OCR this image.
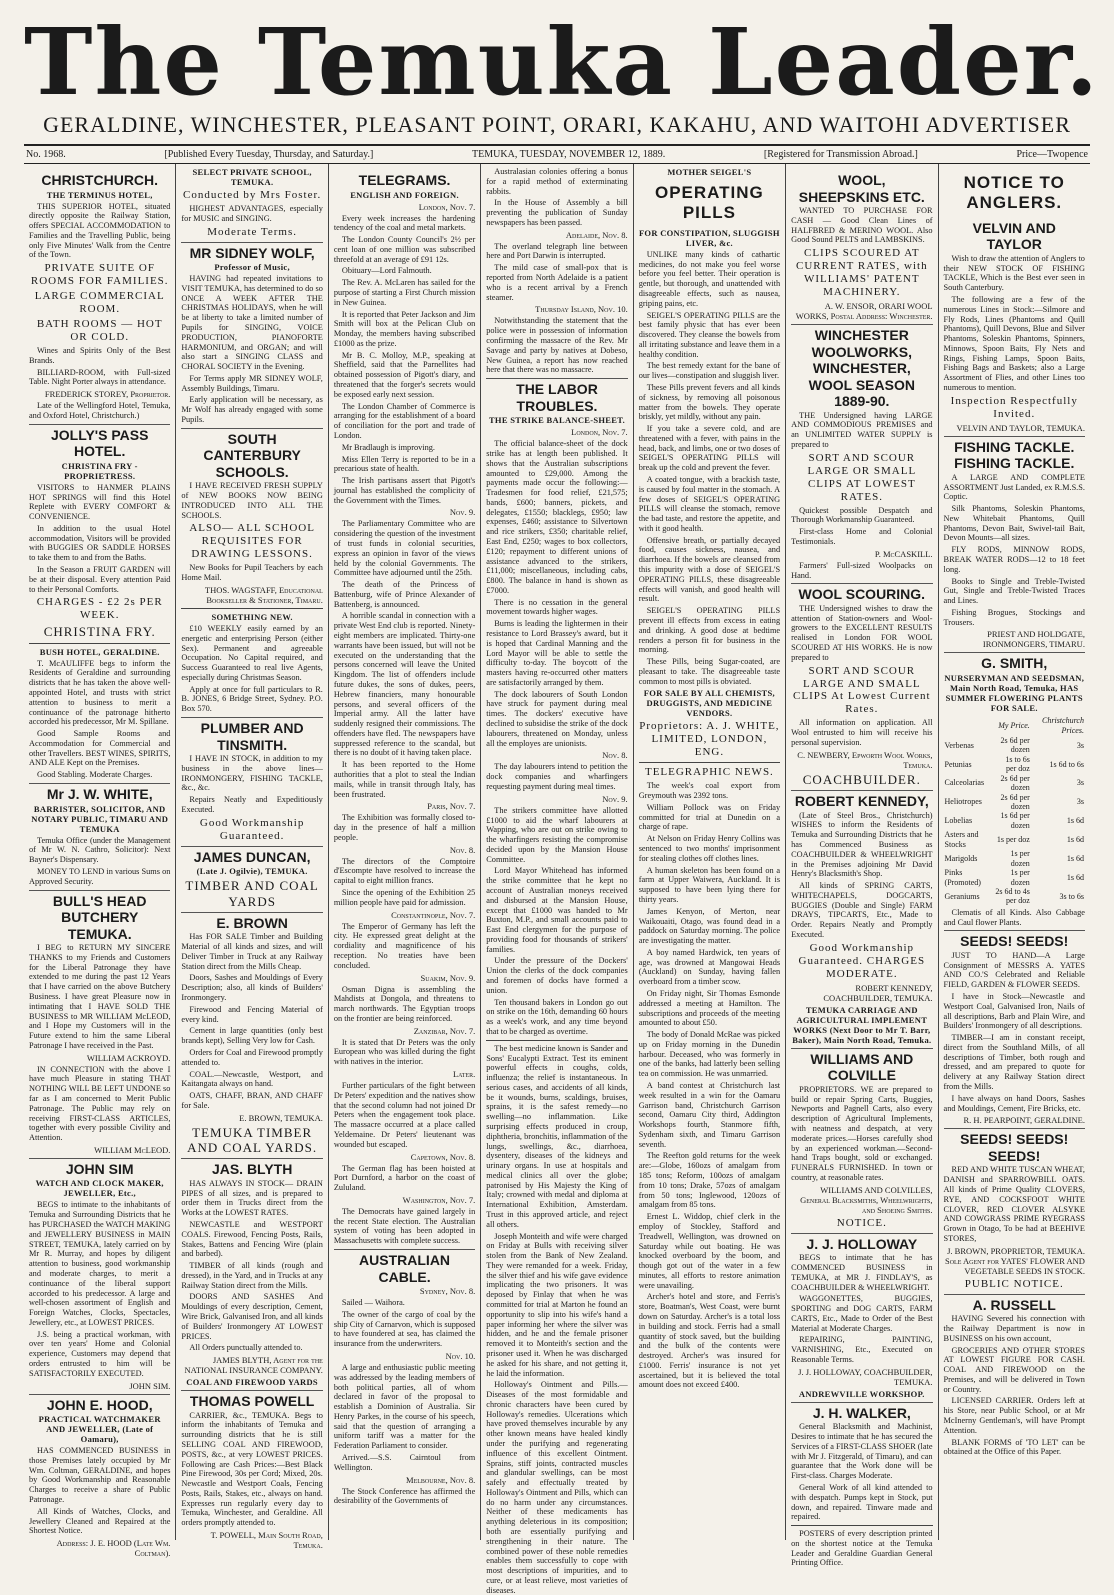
The Temuka Leader.
GERALDINE, WINCHESTER, PLEASANT POINT, ORARI, KAKAHU, AND WAITOHI ADVERTISER
No. 1968.	[Published Every Tuesday, Thursday, and Saturday.]	TEMUKA, TUESDAY, NOVEMBER 12, 1889.	[Registered for Transmission Abroad.]	Price—Twopence
CHRISTCHURCH.
THE TERMINUS HOTEL,

THIS SUPERIOR HOTEL, situated directly opposite the Railway Station, offers SPECIAL ACCOMMODATION to Families and the Travelling Public, being only Five Minutes' Walk from the Centre of the Town.

PRIVATE SUITE OF ROOMS FOR FAMILIES.
LARGE COMMERCIAL ROOM.
BATH ROOMS — HOT OR COLD.

Wines and Spirits Only of the Best Brands.

BILLIARD-ROOM, with Full-sized Table. Night Porter always in attendance.

FREDERICK STOREY, Proprietor.

Late of the Wellingford Hotel, Temuka, and Oxford Hotel, Christchurch.)

JOLLY'S PASS HOTEL.
CHRISTINA FRY - PROPRIETRESS.

VISITORS to HANMER PLAINS HOT SPRINGS will find this Hotel Replete with EVERY COMFORT & CONVENIENCE.

In addition to the usual Hotel accommodation, Visitors will be provided with BUGGIES OR SADDLE HORSES to take them to and from the Baths.

In the Season a FRUIT GARDEN will be at their disposal. Every attention Paid to their Personal Comforts.

CHARGES - £2 2s PER WEEK.
CHRISTINA FRY.
BUSH HOTEL, GERALDINE.

T. McAULIFFE begs to inform the Residents of Geraldine and surrounding districts that he has taken the above well-appointed Hotel, and trusts with strict attention to business to merit a continuance of the patronage hitherto accorded his predecessor, Mr M. Spillane.

Good Sample Rooms and Accommodation for Commercial and other Travellers. BEST WINES, SPIRITS, AND ALE Kept on the Premises.

Good Stabling. Moderate Charges.

Mr J. W. WHITE,
BARRISTER, SOLICITOR, AND NOTARY PUBLIC, TIMARU AND TEMUKA

Temuka Office (under the Management of Mr W. N. Cathro, Solicitor): Next Bayner's Dispensary.

MONEY TO LEND in various Sums on Approved Security.

BULL'S HEAD BUTCHERY TEMUKA.

I BEG to RETURN MY SINCERE THANKS to my Friends and Customers for the Liberal Patronage they have extended to me during the past 12 Years that I have carried on the above Butchery Business. I have great Pleasure now in intimating that I HAVE SOLD THE BUSINESS to MR WILLIAM McLEOD, and I Hope my Customers will in the Future extend to him the same Liberal Patronage I have received in the Past.

WILLIAM ACKROYD.

IN CONNECTION with the above I have much Pleasure in stating THAT NOTHING WILL BE LEFT UNDONE so far as I am concerned to Merit Public Patronage. The Public may rely on receiving FIRST-CLASS ARTICLES, together with every possible Civility and Attention.

WILLIAM McLEOD.
JOHN SIM
WATCH AND CLOCK MAKER, JEWELLER, Etc.,

BEGS to intimate to the inhabitants of Temuka and Surrounding Districts that he has PURCHASED the WATCH MAKING and JEWELLERY BUSINESS in MAIN STREET, TEMUKA, lately carried on by Mr R. Murray, and hopes by diligent attention to business, good workmanship and moderate charges, to merit a continuance of the liberal support accorded to his predecessor. A large and well-chosen assortment of English and Foreign Watches, Clocks, Spectacles, Jewellery, etc., at LOWEST PRICES.

J.S. being a practical workman, with over ten years' Home and Colonial experience, Customers may depend that orders entrusted to him will be SATISFACTORILY EXECUTED.

JOHN SIM.
JOHN E. HOOD,
PRACTICAL WATCHMAKER AND JEWELLER, (Late of Oamaru),

HAS COMMENCED BUSINESS in those Premises lately occupied by Mr Wm. Coltman, GERALDINE, and hopes by Good Workmanship and Reasonable Charges to receive a share of Public Patronage.

All Kinds of Watches, Clocks, and Jewellery Cleaned and Repaired at the Shortest Notice.

Address: J. E. HOOD (Late Wm. Coltman).
SELECT PRIVATE SCHOOL, TEMUKA.
Conducted by Mrs Foster.

HIGHEST ADVANTAGES, especially for MUSIC and SINGING.

Moderate Terms.
MR SIDNEY WOLF,
Professor of Music,

HAVING had repeated invitations to VISIT TEMUKA, has determined to do so ONCE A WEEK AFTER THE CHRISTMAS HOLIDAYS, when he will be at liberty to take a limited number of Pupils for SINGING, VOICE PRODUCTION, PIANOFORTE HARMONIUM, and ORGAN; and will also start a SINGING CLASS and CHORAL SOCIETY in the Evening.

For Terms apply MR SIDNEY WOLF, Assembly Buildings, Timaru.

Early application will be necessary, as Mr Wolf has already engaged with some Pupils.

SOUTH CANTERBURY SCHOOLS.

I HAVE RECEIVED FRESH SUPPLY of NEW BOOKS NOW BEING INTRODUCED INTO ALL THE SCHOOLS.

ALSO— ALL SCHOOL REQUISITES FOR DRAWING LESSONS.

New Books for Pupil Teachers by each Home Mail.

THOS. WAGSTAFF, Educational Bookseller & Stationer, Timaru.
SOMETHING NEW.

£10 WEEKLY easily earned by an energetic and enterprising Person (either Sex). Permanent and agreeable Occupation. No Capital required, and Success Guaranteed to real live Agents, especially during Christmas Season.

Apply at once for full particulars to R. B. JONES, 6 Bridge Street, Sydney. P.O. Box 570.

PLUMBER AND TINSMITH.

I HAVE IN STOCK, in addition to my business in the above lines— IRONMONGERY, FISHING TACKLE, &c., &c.

Repairs Neatly and Expeditiously Executed.

Good Workmanship Guaranteed.
JAMES DUNCAN,
(Late J. Ogilvie), TEMUKA.
TIMBER AND COAL YARDS
E. BROWN

Has FOR SALE Timber and Building Material of all kinds and sizes, and will Deliver Timber in Truck at any Railway Station direct from the Mills Cheap.

Doors, Sashes and Mouldings of Every Description; also, all kinds of Builders' Ironmongery.

Firewood and Fencing Material of every kind.

Cement in large quantities (only best brands kept), Selling Very low for Cash.

Orders for Coal and Firewood promptly attended to.

COAL.—Newcastle, Westport, and Kaitangata always on hand.

OATS, CHAFF, BRAN, AND CHAFF for Sale.

E. BROWN, TEMUKA.
TEMUKA TIMBER AND COAL YARDS.
JAS. BLYTH

HAS ALWAYS IN STOCK— DRAIN PIPES of all sizes, and is prepared to order them in Trucks direct from the Works at the LOWEST RATES.

NEWCASTLE and WESTPORT COALS. Firewood, Fencing Posts, Rails, Stakes, Battens and Fencing Wire (plain and barbed).

TIMBER of all kinds (rough and dressed), in the Yard, and in Trucks at any Railway Station direct from the Mills.

DOORS AND SASHES And Mouldings of every description, Cement, Wire Brick, Galvanised Iron, and all kinds of Builders' Ironmongery AT LOWEST PRICES.

All Orders punctually attended to.

JAMES BLYTH, Agent for the NATIONAL INSURANCE COMPANY.
COAL AND FIREWOOD YARDS
THOMAS POWELL

CARRIER, &c., TEMUKA. Begs to inform the inhabitants of Temuka and surrounding districts that he is still SELLING COAL AND FIREWOOD, POSTS, &c., at very LOWEST PRICES. Following are Cash Prices:—Best Black Pine Firewood, 30s per Cord; Mixed, 20s. Newcastle and Westport Coals, Fencing Posts, Rails, Stakes, etc., always on hand. Expresses run regularly every day to Temuka, Winchester, and Geraldine. All orders promptly attended to.

T. POWELL, Main South Road, Temuka.
TELEGRAMS.
ENGLISH AND FOREIGN.
London, Nov. 7.

Every week increases the hardening tendency of the coal and metal markets.

The London County Council's 2½ per cent loan of one million was subscribed threefold at an average of £91 12s.

Obituary—Lord Falmouth.

The Rev. A. McLaren has sailed for the purpose of starting a First Church mission in New Guinea.

It is reported that Peter Jackson and Jim Smith will box at the Pelican Club on Monday, the members having subscribed £1000 as the prize.

Mr B. C. Molloy, M.P., speaking at Sheffield, said that the Parnellites had obtained possession of Pigott's diary, and threatened that the forger's secrets would be exposed early next session.

The London Chamber of Commerce is arranging for the establishment of a board of conciliation for the port and trade of London.

Mr Bradlaugh is improving.

Miss Ellen Terry is reported to be in a precarious state of health.

The Irish partisans assert that Pigott's journal has established the complicity of the Government with the Times.

Nov. 9.

The Parliamentary Committee who are considering the question of the investment of trust funds in colonial securities, express an opinion in favor of the views held by the colonial Governments. The Committee have adjourned until the 25th.

The death of the Princess of Battenburg, wife of Prince Alexander of Battenberg, is announced.

A horrible scandal in connection with a private West End club is reported. Ninety-eight members are implicated. Thirty-one warrants have been issued, but will not be executed on the understanding that the persons concerned will leave the United Kingdom. The list of offenders include future dukes, the sons of dukes, peers, Hebrew financiers, many honourable persons, and several officers of the Imperial army. All the latter have suddenly resigned their commissions. The offenders have fled. The newspapers have suppressed reference to the scandal, but there is no doubt of it having taken place.

It has been reported to the Home authorities that a plot to steal the Indian mails, while in transit through Italy, has been frustrated.

Paris, Nov. 7.

The Exhibition was formally closed to-day in the presence of half a million people.

Nov. 8.

The directors of the Comptoire d'Escompte have resolved to increase the capital to eight million francs.

Since the opening of the Exhibition 25 million people have paid for admission.

Constantinople, Nov. 7.

The Emperor of Germany has left the city. He expressed great delight at the cordiality and magnificence of his reception. No treaties have been concluded.

Suakim, Nov. 9.

Osman Digna is assembling the Mahdists at Dongola, and threatens to march northwards. The Egyptian troops on the frontier are being reinforced.

Zanzibar, Nov. 7.

It is stated that Dr Peters was the only European who was killed during the fight with natives in the interior.

Later.

Further particulars of the fight between Dr Peters' expedition and the natives show that the second column had not joined Dr Peters when the engagement took place. The massacre occurred at a place called Yeldemaine. Dr Peters' lieutenant was wounded but escaped.

Capetown, Nov. 8.

The German flag has been hoisted at Port Durnford, a harbor on the coast of Zululand.

Washington, Nov. 7.

The Democrats have gained largely in the recent State election. The Australian system of voting has been adopted in Massachusetts with complete success.

AUSTRALIAN CABLE.
Sydney, Nov. 8.

Sailed — Waihora.

The owner of the cargo of coal by the ship City of Carnarvon, which is supposed to have foundered at sea, has claimed the insurance from the underwriters.

Nov. 10.

A large and enthusiastic public meeting was addressed by the leading members of both political parties, all of whom declared in favor of the proposal to establish a Dominion of Australia. Sir Henry Parkes, in the course of his speech, said that the question of arranging a uniform tariff was a matter for the Federation Parliament to consider.

Arrived.—S.S. Cairntoul from Wellington.

Melbourne, Nov. 8.

The Stock Conference has affirmed the desirability of the Governments of

Australasian colonies offering a bonus for a rapid method of exterminating rabbits.

In the House of Assembly a bill preventing the publication of Sunday newspapers has been passed.

Adelaide, Nov. 8.

The overland telegraph line between here and Port Darwin is interrupted.

The mild case of small-pox that is reported from North Adelaide is a patient who is a recent arrival by a French steamer.

Thursday Island, Nov. 10.

Notwithstanding the statement that the police were in possession of information confirming the massacre of the Rev. Mr Savage and party by natives at Dobeso, New Guinea, a report has now reached here that there was no massacre.

THE LABOR TROUBLES.
THE STRIKE BALANCE-SHEET.
London, Nov. 7.

The official balance-sheet of the dock strike has at length been published. It shows that the Australian subscriptions amounted to £29,000. Among the payments made occur the following:—Tradesmen for food relief, £21,575; bands, £600; banners, pickets, and delegates, £1550; blacklegs, £950; law expenses, £460; assistance to Silvertown and rice strikers, £350; charitable relief, East End, £250; wages to box collectors, £120; repayment to different unions of assistance advanced to the strikers, £11,000; miscellaneous, including cabs, £800. The balance in hand is shown as £7000.

There is no cessation in the general movement towards higher wages.

Burns is leading the lightermen in their resistance to Lord Brassey's award, but it is hoped that Cardinal Manning and the Lord Mayor will be able to settle the difficulty to-day. The boycott of the masters having re-occurred other matters are satisfactorily arranged by them.

The dock labourers of South London have struck for payment during meal times. The dockers' executive have declined to subsidise the strike of the dock labourers, threatened on Monday, unless all the employes are unionists.

Nov. 8.

The day labourers intend to petition the dock companies and wharfingers requesting payment during meal times.

Nov. 9.

The strikers committee have allotted £1000 to aid the wharf labourers at Wapping, who are out on strike owing to the wharfingers resisting the compromise decided upon by the Mansion House Committee.

Lord Mayor Whitehead has informed the strike committee that he kept no account of Australian moneys received and disbursed at the Mansion House, except that £1000 was handed to Mr Buxton, M.P., and small accounts paid to East End clergymen for the purpose of providing food for thousands of strikers' families.

Under the pressure of the Dockers' Union the clerks of the dock companies and foremen of docks have formed a union.

Ten thousand bakers in London go out on strike on the 16th, demanding 60 hours as a week's work, and any time beyond that to be charged as overtime.

The best medicine known is Sander and Sons' Eucalypti Extract. Test its eminent powerful effects in coughs, colds, influenza; the relief is instantaneous. In serious cases, and accidents of all kinds, be it wounds, burns, scaldings, bruises, sprains, it is the safest remedy—no swelling—no inflammation. Like surprising effects produced in croup, diphtheria, bronchitis, inflammation of the lungs, swellings, &c., diarrhoea, dysentery, diseases of the kidneys and urinary organs. In use at hospitals and medical clinics all over the globe; patronised by His Majesty the King of Italy; crowned with medal and diploma at International Exhibition, Amsterdam. Trust in this approved article, and reject all others.

Joseph Monteith and wife were charged on Friday at Bulls with receiving silver stolen from the Bank of New Zealand. They were remanded for a week. Friday, the silver thief and his wife gave evidence implicating the two prisoners. It was deposed by Finlay that when he was committed for trial at Marton he found an opportunity to slip into his wife's hand a paper informing her where the silver was hidden, and he and the female prisoner removed it to Monteith's section and the prisoner used it. When he was discharged he asked for his share, and not getting it, he laid the information.

Holloway's Ointment and Pills.—Diseases of the most formidable and chronic characters have been cured by Holloway's remedies. Ulcerations which have proved themselves incurable by any other known means have healed kindly under the purifying and regenerating influence of this excellent Ointment. Sprains, stiff joints, contracted muscles and glandular swellings, can be most safely and effectually treated by Holloway's Ointment and Pills, which can do no harm under any circumstances. Neither of these medicaments has anything deleterious in its composition; both are essentially purifying and strengthening in their nature. The combined power of these noble remedies enables them successfully to cope with most descriptions of impurities, and to cure, or at least relieve, most varieties of diseases.

MOTHER SEIGEL'S
OPERATING PILLS
FOR CONSTIPATION, SLUGGISH LIVER, &c.

UNLIKE many kinds of cathartic medicines, do not make you feel worse before you feel better. Their operation is gentle, but thorough, and unattended with disagreeable effects, such as nausea, griping pains, etc.

SEIGEL'S OPERATING PILLS are the best family physic that has ever been discovered. They cleanse the bowels from all irritating substance and leave them in a healthy condition.

The best remedy extant for the bane of our lives—constipation and sluggish liver.

These Pills prevent fevers and all kinds of sickness, by removing all poisonous matter from the bowels. They operate briskly, yet mildly, without any pain.

If you take a severe cold, and are threatened with a fever, with pains in the head, back, and limbs, one or two doses of SEIGEL'S OPERATING PILLS will break up the cold and prevent the fever.

A coated tongue, with a brackish taste, is caused by foul matter in the stomach. A few doses of SEIGEL'S OPERATING PILLS will cleanse the stomach, remove the bad taste, and restore the appetite, and with it good health.

Offensive breath, or partially decayed food, causes sickness, nausea, and diarrhoea. If the bowels are cleansed from this impurity with a dose of SEIGEL'S OPERATING PILLS, these disagreeable effects will vanish, and good health will result.

SEIGEL'S OPERATING PILLS prevent ill effects from excess in eating and drinking. A good dose at bedtime renders a person fit for business in the morning.

These Pills, being Sugar-coated, are pleasant to take. The disagreeable taste common to most pills is obviated.

FOR SALE BY ALL CHEMISTS, DRUGGISTS, AND MEDICINE VENDORS.
Proprietors: A. J. WHITE, LIMITED, LONDON, ENG.
TELEGRAPHIC NEWS.

The week's coal export from Greymouth was 2392 tons.

William Pollock was on Friday committed for trial at Dunedin on a charge of rape.

At Nelson on Friday Henry Collins was sentenced to two months' imprisonment for stealing clothes off clothes lines.

A human skeleton has been found on a farm at Upper Waiwera, Auckland. It is supposed to have been lying there for thirty years.

James Kenyon, of Merton, near Waikouaiti, Otago, was found dead in a paddock on Saturday morning. The police are investigating the matter.

A boy named Hardwick, ten years of age, was drowned at Mangowai Heads (Auckland) on Sunday, having fallen overboard from a timber scow.

On Friday night, Sir Thomas Esmonde addressed a meeting at Hamilton. The subscriptions and proceeds of the meeting amounted to about £50.

The body of Donald McRae was picked up on Friday morning in the Dunedin harbour. Deceased, who was formerly in one of the banks, had latterly been selling tea on commission. He was unmarried.

A band contest at Christchurch last week resulted in a win for the Oamaru Garrison band, Christchurch Garrison second, Oamaru City third, Addington Workshops fourth, Stanmore fifth, Sydenham sixth, and Timaru Garrison seventh.

The Reefton gold returns for the week are:—Globe, 160ozs of amalgam from 185 tons; Reform, 100ozs of amalgam from 10 tons; Drake, 57ozs of amalgam from 50 tons; Inglewood, 120ozs of amalgam from 85 tons.

Ernest L. Widdop, chief clerk in the employ of Stockley, Stafford and Treadwell, Wellington, was drowned on Saturday while out boating. He was knocked overboard by the boom, and though got out of the water in a few minutes, all efforts to restore animation were unavailing.

Archer's hotel and store, and Ferris's store, Boatman's, West Coast, were burnt down on Saturday. Archer's is a total loss in building and stock. Ferris had a small quantity of stock saved, but the building and the bulk of the contents were destroyed. Archer's was insured for £1000. Ferris' insurance is not yet ascertained, but it is believed the total amount does not exceed £400.

WOOL, SHEEPSKINS ETC.

WANTED TO PURCHASE FOR CASH — Good Clean Lines of HALFBRED & MERINO WOOL. Also Good Sound PELTS and LAMBSKINS.

CLIPS SCOURED AT CURRENT RATES, with WILLIAMS' PATENT MACHINERY.
A. W. ENSOR, ORARI WOOL WORKS, Postal Address: Winchester.
WINCHESTER WOOLWORKS, WINCHESTER, WOOL SEASON 1889-90.

THE Undersigned having LARGE AND COMMODIOUS PREMISES and an UNLIMITED WATER SUPPLY is prepared to

SORT AND SCOUR LARGE OR SMALL CLIPS AT LOWEST RATES.

Quickest possible Despatch and Thorough Workmanship Guaranteed.

First-class Home and Colonial Testimonials.

P. McCASKILL.

Farmers' Full-sized Woolpacks on Hand.

WOOL SCOURING.

THE Undersigned wishes to draw the attention of Station-owners and Wool-growers to the EXCELLENT RESULTS realised in London FOR WOOL SCOURED AT HIS WORKS. He is now prepared to

SORT AND SCOUR LARGE AND SMALL CLIPS At Lowest Current Rates.

All information on application. All Wool entrusted to him will receive his personal supervision.

C. NEWBERY, Epworth Wool Works, Temuka.
COACHBUILDER.
ROBERT KENNEDY,

(Late of Steel Bros., Christchurch) WISHES to inform the Residents of Temuka and Surrounding Districts that he has Commenced Business as COACHBUILDER & WHEELWRIGHT in the Premises adjoining Mr David Henry's Blacksmith's Shop.

All kinds of SPRING CARTS, WHITECHAPELS, DOGCARTS, BUGGIES (Double and Single) FARM DRAYS, TIPCARTS, Etc., Made to Order. Repairs Neatly and Promptly Executed.

Good Workmanship Guaranteed. CHARGES MODERATE.
ROBERT KENNEDY, COACHBUILDER, TEMUKA.
TEMUKA CARRIAGE AND AGRICULTURAL IMPLEMENT WORKS (Next Door to Mr T. Barr, Baker), Main North Road, Temuka.
WILLIAMS AND COLVILLE

PROPRIETORS. WE are prepared to build or repair Spring Carts, Buggies, Newports and Pagnell Carts, also every description of Agricultural Implements, with neatness and despatch, at very moderate prices.—Horses carefully shod by an experienced workman.—Second-hand Traps bought, sold or exchanged. FUNERALS FURNISHED. In town or country, at reasonable rates.

WILLIAMS AND COLVILLES, General Blacksmiths, Wheelwrights, and Shoeing Smiths.
NOTICE.
J. J. HOLLOWAY

BEGS to intimate that he has COMMENCED BUSINESS in TEMUKA, at MR J. FINDLAY'S, as COACHBUILDER & WHEELWRIGHT.

WAGGONETTES, BUGGIES, SPORTING and DOG CARTS, FARM CARTS, Etc., Made to Order of the Best Material at Moderate Charges.

REPAIRING, PAINTING, VARNISHING, Etc., Executed on Reasonable Terms.

J. J. HOLLOWAY, COACHBUILDER, TEMUKA.
ANDREWVILLE WORKSHOP.
J. H. WALKER,

General Blacksmith and Machinist, Desires to intimate that he has secured the Services of a FIRST-CLASS SHOER (late with Mr J. Fitzgerald, of Timaru), and can guarantee that the Work done will be First-class. Charges Moderate.

General Work of all kind attended to with despatch. Pumps kept in Stock, put down, and repaired. Tinware made and repaired.

POSTERS of every description printed on the shortest notice at the Temuka Leader and Geraldine Guardian General Printing Office.

NOTICE TO ANGLERS.
VELVIN AND TAYLOR

Wish to draw the attention of Anglers to their NEW STOCK OF FISHING TACKLE, Which is the Best ever seen in South Canterbury.

The following are a few of the numerous Lines in Stock:—Silmore and Fly Rods, Lines (Phantoms and Quill Phantoms), Quill Devons, Blue and Silver Phantoms, Soleskin Phantoms, Spinners, Minnows, Spoon Baits, Fly Nets and Rings, Fishing Lamps, Spoon Baits, Fishing Bags and Baskets; also a Large Assortment of Flies, and other Lines too numerous to mention.

Inspection Respectfully Invited.
VELVIN AND TAYLOR, TEMUKA.
FISHING TACKLE. FISHING TACKLE.

A LARGE AND COMPLETE ASSORTMENT Just Landed, ex R.M.S.S. Coptic.

Silk Phantoms, Soleskin Phantoms, New Whitebait Phantoms, Quill Phantoms, Devon Bait, Swivel-tail Bait, Devon Mounts—all sizes.

FLY RODS, MINNOW RODS, BREAK WATER RODS—12 to 18 feet long.

Books to Single and Treble-Twisted Gut, Single and Treble-Twisted Traces and Lines.

Fishing Brogues, Stockings and Trousers.

PRIEST AND HOLDGATE, IRONMONGERS, TIMARU.
G. SMITH,
NURSERYMAN AND SEEDSMAN, Main North Road, Temuka, HAS SUMMER FLOWERING PLANTS FOR SALE.
	My Price.	Christchurch Prices.
Verbenas	2s 6d per dozen	3s
Petunias	1s to 6s per doz	1s 6d to 6s
Calceolarias	2s 6d per dozen	3s
Heliotropes	2s 6d per dozen	3s
Lobelias	1s 6d per dozen	1s 6d
Asters and Stocks	1s per doz	1s 6d
Marigolds	1s per dozen	1s 6d
Pinks (Promoted)	1s per dozen	1s 6d
Geraniums	2s 6d to 4s per doz	3s to 6s

Clematis of all Kinds. Also Cabbage and Caul flower Plants.

SEEDS! SEEDS!

JUST TO HAND—A Large Consignment of MESSRS A. YATES AND CO.'S Celebrated and Reliable FIELD, GARDEN & FLOWER SEEDS.

I have in Stock—Newcastle and Westport Coal, Galvanised Iron, Nails of all descriptions, Barb and Plain Wire, and Builders' Ironmongery of all descriptions.

TIMBER—I am in constant receipt, direct from the Southland Mills, of all descriptions of Timber, both rough and dressed, and am prepared to quote for delivery at any Railway Station direct from the Mills.

I have always on hand Doors, Sashes and Mouldings, Cement, Fire Bricks, etc.

R. H. PEARPOINT, GERALDINE.
SEEDS! SEEDS! SEEDS!

RED AND WHITE TUSCAN WHEAT, DANISH and SPARROWBILL OATS. All kinds of Prime Quality CLOVERS, RYE, AND COCKSFOOT WHITE CLOVER, RED CLOVER ALSYKE AND COWGRASS PRIME RYEGRASS Grown in Otago, To be had at BEEHIVE STORES,

J. BROWN, PROPRIETOR, TEMUKA. Sole Agent for YATES' FLOWER AND VEGETABLE SEEDS IN STOCK.
PUBLIC NOTICE.
A. RUSSELL

HAVING Severed his connection with the Railway Department is now in BUSINESS on his own account,

GROCERIES AND OTHER STORES AT LOWEST FIGURE FOR CASH. COAL AND FIREWOOD on the Premises, and will be delivered in Town or Country.

LICENSED CARRIER. Orders left at his Store, near Public School, or at Mr McInerny Gentleman's, will have Prompt Attention.

BLANK FORMS of 'TO LET' can be obtained at the Office of this Paper.
